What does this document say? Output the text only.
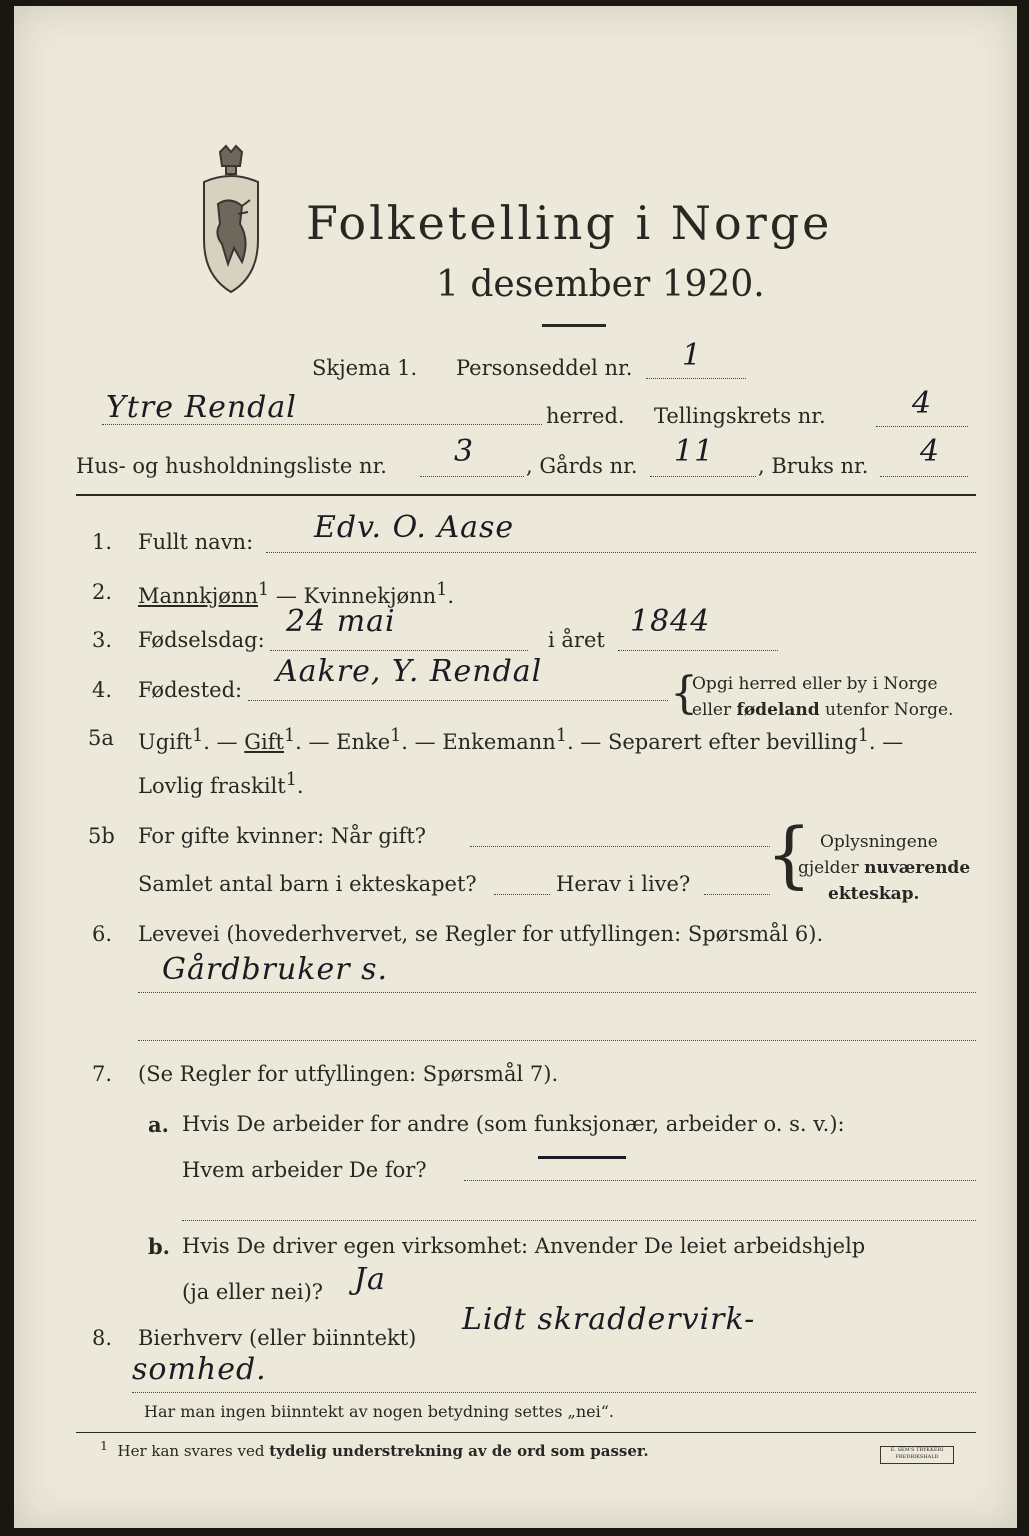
Folketelling i Norge
1 desember 1920.
Skjema 1. Personseddel nr. 1
Ytre Rendal	herred. Tellingskrets nr.	4
Hus- og husholdningsliste nr. 3 , Gårds nr. 11 , Bruks nr. 4
1. Fullt navn: Edv. O. Aase
2. Mannkjønn$^1$ — Kvinnekjønn$^1$.
3. Fødselsdag:
24 mai
i året
1844
4. Fødested:
Aakre, Y. Rendal	{
Opgi herred eller by i Norge
eller fødeland utenfor Norge.
5a Ugift$^1$. — Gift$^1$. — Enke$^1$. — Enkemann$^1$. — Separert efter bevilling$^1$. —
Lovlig fraskilt$^1$.
5b For gifte kvinner: Når gift?
Samlet antal barn i ekteskapet?	Herav i live? { Oplysningene
gjelder nuværende
ekteskap.
6. Levevei (hovederhvervet, se Regler for utfyllingen: Spørsmål 6).
Gårdbruker s.
7. (Se Regler for utfyllingen: Spørsmål 7).
a. Hvis De arbeider for andre (som funksjonær, arbeider o. s. v.):
Hvem arbeider De for?
b. Hvis De driver egen virksomhet: Anvender De leiet arbeidshjelp
(ja eller nei)? Ja
8. Bierhverv (eller biinntekt)
Lidt skraddervirk-
somhed.
Har man ingen biinntekt av nogen betydning settes „nei“.
$^1$ Her kan svares ved tydelig understrekning av de ord som passer.	E. SEM'S TRYKKERI
FREDRIKSHALD
